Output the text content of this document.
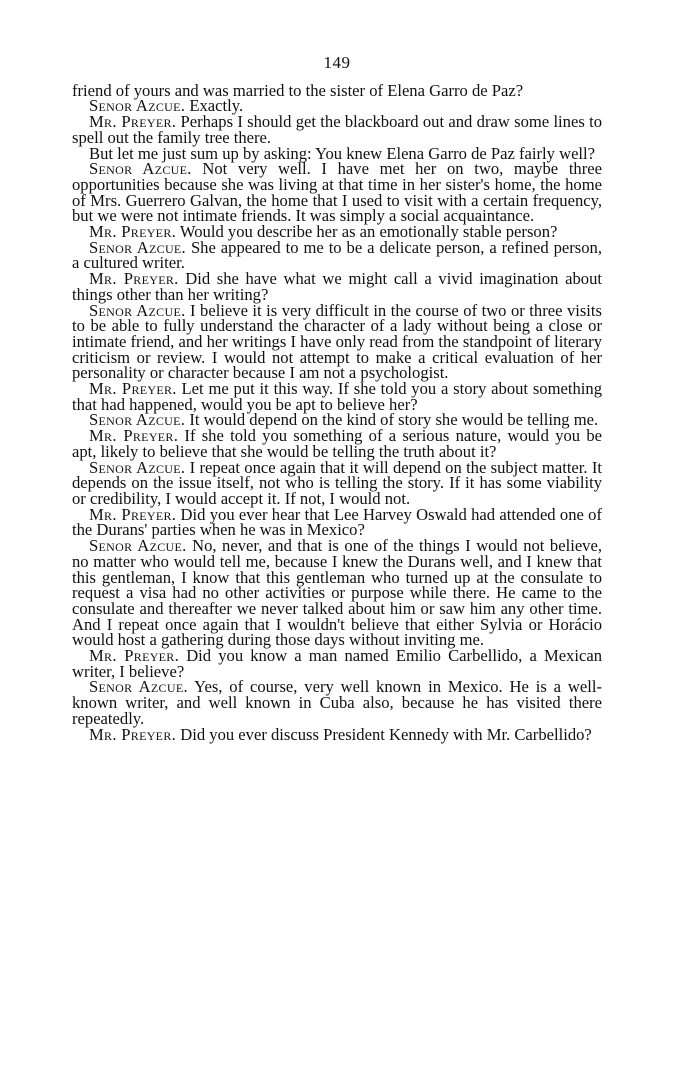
149

friend of yours and was married to the sister of Elena Garro de Paz?

Senor Azcue. Exactly.

Mr. Preyer. Perhaps I should get the blackboard out and draw some lines to spell out the family tree there.

But let me just sum up by asking: You knew Elena Garro de Paz fairly well?

Senor Azcue. Not very well. I have met her on two, maybe three opportunities because she was living at that time in her sister's home, the home of Mrs. Guerrero Galvan, the home that I used to visit with a certain frequency, but we were not intimate friends. It was simply a social acquaintance.

Mr. Preyer. Would you describe her as an emotionally stable person?

Senor Azcue. She appeared to me to be a delicate person, a refined person, a cultured writer.

Mr. Preyer. Did she have what we might call a vivid imagination about things other than her writing?

Senor Azcue. I believe it is very difficult in the course of two or three visits to be able to fully understand the character of a lady without being a close or intimate friend, and her writings I have only read from the standpoint of literary criticism or review. I would not attempt to make a critical evaluation of her personality or character because I am not a psychologist.

Mr. Preyer. Let me put it this way. If she told you a story about something that had happened, would you be apt to believe her?

Senor Azcue. It would depend on the kind of story she would be telling me.

Mr. Preyer. If she told you something of a serious nature, would you be apt, likely to believe that she would be telling the truth about it?

Senor Azcue. I repeat once again that it will depend on the subject matter. It depends on the issue itself, not who is telling the story. If it has some viability or credibility, I would accept it. If not, I would not.

Mr. Preyer. Did you ever hear that Lee Harvey Oswald had attended one of the Durans' parties when he was in Mexico?

Senor Azcue. No, never, and that is one of the things I would not believe, no matter who would tell me, because I knew the Durans well, and I knew that this gentleman, I know that this gentleman who turned up at the consulate to request a visa had no other activities or purpose while there. He came to the consulate and thereafter we never talked about him or saw him any other time. And I repeat once again that I wouldn't believe that either Sylvia or Horácio would host a gathering during those days without inviting me.

Mr. Preyer. Did you know a man named Emilio Carbellido, a Mexican writer, I believe?

Senor Azcue. Yes, of course, very well known in Mexico. He is a well-known writer, and well known in Cuba also, because he has visited there repeatedly.

Mr. Preyer. Did you ever discuss President Kennedy with Mr. Carbellido?
